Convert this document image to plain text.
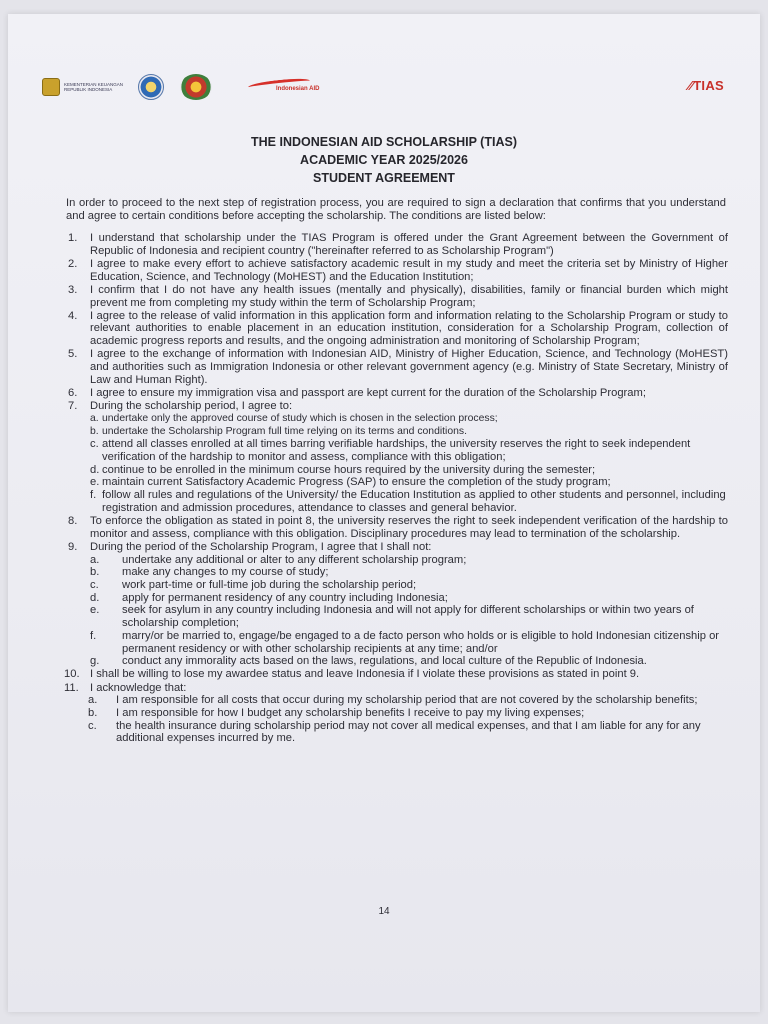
KEMENTERIAN KEUANGAN REPUBLIK INDONESIA	Indonesian AID	⁄⁄TIAS
THE INDONESIAN AID SCHOLARSHIP (TIAS)
ACADEMIC YEAR 2025/2026
STUDENT AGREEMENT
In order to proceed to the next step of registration process, you are required to sign a declaration that confirms that you understand and agree to certain conditions before accepting the scholarship. The conditions are listed below:
1. I understand that scholarship under the TIAS Program is offered under the Grant Agreement between the Government of Republic of Indonesia and recipient country ("hereinafter referred to as Scholarship Program")
2. I agree to make every effort to achieve satisfactory academic result in my study and meet the criteria set by Ministry of Higher Education, Science, and Technology (MoHEST) and the Education Institution;
3. I confirm that I do not have any health issues (mentally and physically), disabilities, family or financial burden which might prevent me from completing my study within the term of Scholarship Program;
4. I agree to the release of valid information in this application form and information relating to the Scholarship Program or study to relevant authorities to enable placement in an education institution, consideration for a Scholarship Program, collection of academic progress reports and results, and the ongoing administration and monitoring of Scholarship Program;
5. I agree to the exchange of information with Indonesian AID, Ministry of Higher Education, Science, and Technology (MoHEST) and authorities such as Immigration Indonesia or other relevant government agency (e.g. Ministry of State Secretary, Ministry of Law and Human Right).
6. I agree to ensure my immigration visa and passport are kept current for the duration of the Scholarship Program;
7. During the scholarship period, I agree to:
a. undertake only the approved course of study which is chosen in the selection process;
b. undertake the Scholarship Program full time relying on its terms and conditions.
c. attend all classes enrolled at all times barring verifiable hardships, the university reserves the right to seek independent verification of the hardship to monitor and assess, compliance with this obligation;
d. continue to be enrolled in the minimum course hours required by the university during the semester;
e. maintain current Satisfactory Academic Progress (SAP) to ensure the completion of the study program;
f. follow all rules and regulations of the University/ the Education Institution as applied to other students and personnel, including registration and admission procedures, attendance to classes and general behavior.
8. To enforce the obligation as stated in point 8, the university reserves the right to seek independent verification of the hardship to monitor and assess, compliance with this obligation. Disciplinary procedures may lead to termination of the scholarship.
9. During the period of the Scholarship Program, I agree that I shall not:
a. undertake any additional or alter to any different scholarship program;
b. make any changes to my course of study;
c. work part-time or full-time job during the scholarship period;
d. apply for permanent residency of any country including Indonesia;
e. seek for asylum in any country including Indonesia and will not apply for different scholarships or within two years of scholarship completion;
f. marry/or be married to, engage/be engaged to a de facto person who holds or is eligible to hold Indonesian citizenship or permanent residency or with other scholarship recipients at any time; and/or
g. conduct any immorality acts based on the laws, regulations, and local culture of the Republic of Indonesia.
10. I shall be willing to lose my awardee status and leave Indonesia if I violate these provisions as stated in point 9.
11. I acknowledge that:
a. I am responsible for all costs that occur during my scholarship period that are not covered by the scholarship benefits;
b. I am responsible for how I budget any scholarship benefits I receive to pay my living expenses;
c. the health insurance during scholarship period may not cover all medical expenses, and that I am liable for any for any additional expenses incurred by me.
14
